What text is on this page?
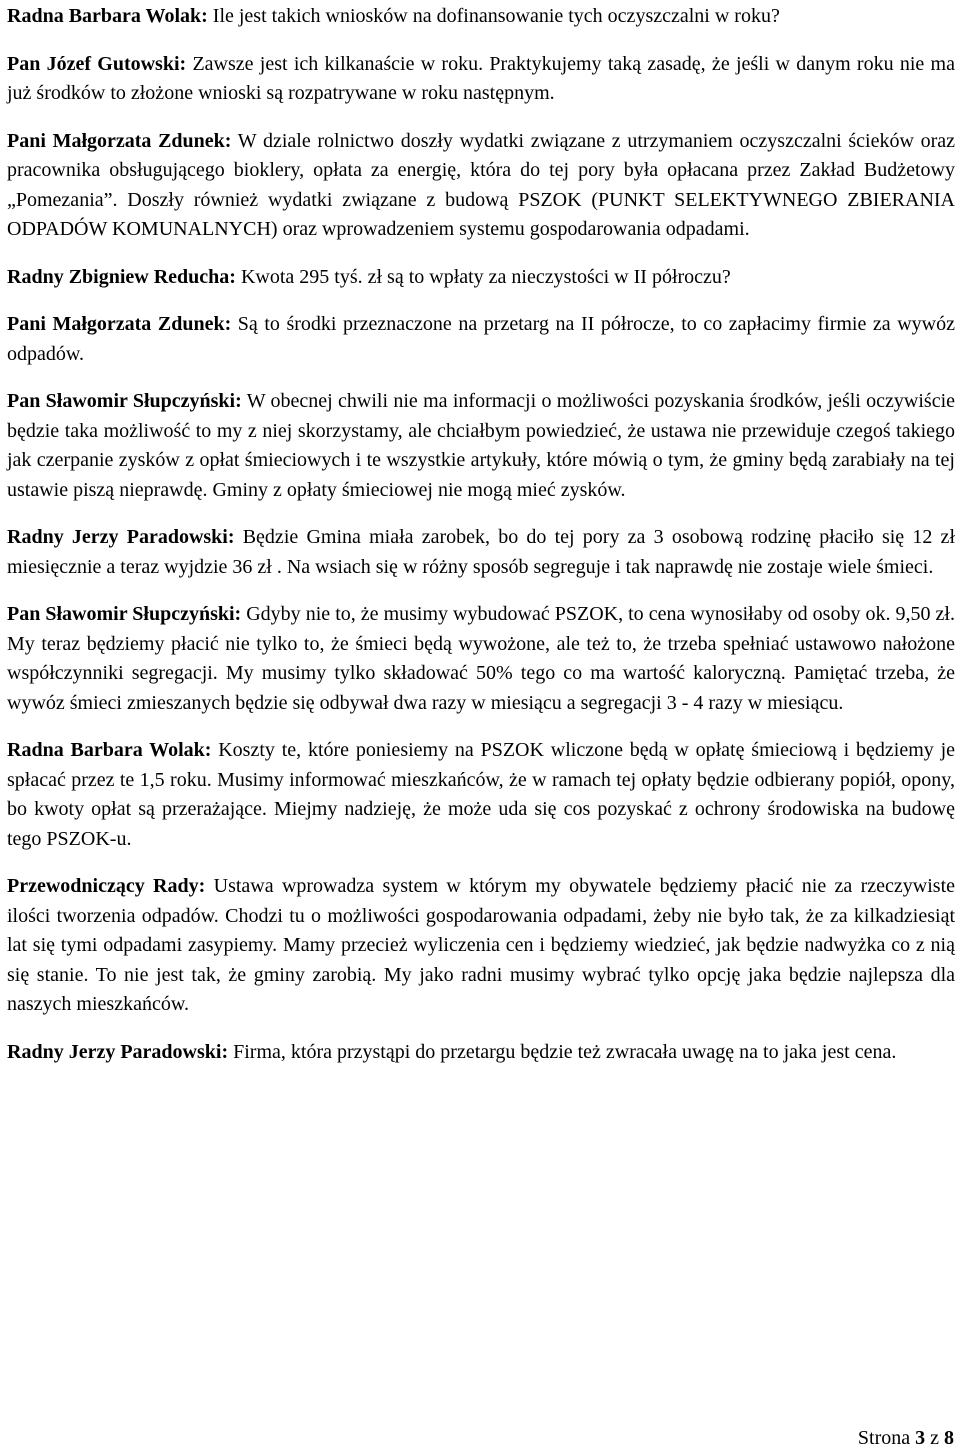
Radna Barbara Wolak: Ile jest takich wniosków na dofinansowanie tych oczyszczalni w roku?

Pan Józef Gutowski: Zawsze jest ich kilkanaście w roku. Praktykujemy taką zasadę, że jeśli w danym roku nie ma już środków to złożone wnioski są rozpatrywane w roku następnym.

Pani Małgorzata Zdunek: W dziale rolnictwo doszły wydatki związane z utrzymaniem oczyszczalni ścieków oraz pracownika obsługującego bioklery, opłata za energię, która do tej pory była opłacana przez Zakład Budżetowy „Pomezania”. Doszły również wydatki związane z budową PSZOK (PUNKT SELEKTYWNEGO ZBIERANIA ODPADÓW KOMUNALNYCH) oraz wprowadzeniem systemu gospodarowania odpadami.

Radny Zbigniew Reducha: Kwota 295 tyś. zł są to wpłaty za nieczystości w II półroczu?

Pani Małgorzata Zdunek: Są to środki przeznaczone na przetarg na II półrocze, to co zapłacimy firmie za wywóz odpadów.

Pan Sławomir Słupczyński: W obecnej chwili nie ma informacji o możliwości pozyskania środków, jeśli oczywiście będzie taka możliwość to my z niej skorzystamy, ale chciałbym powiedzieć, że ustawa nie przewiduje czegoś takiego jak czerpanie zysków z opłat śmieciowych i te wszystkie artykuły, które mówią o tym, że gminy będą zarabiały na tej ustawie piszą nieprawdę. Gminy z opłaty śmieciowej nie mogą mieć zysków.

Radny Jerzy Paradowski: Będzie Gmina miała zarobek, bo do tej pory za 3 osobową rodzinę płaciło się 12 zł miesięcznie a teraz wyjdzie 36 zł . Na wsiach się w różny sposób segreguje i tak naprawdę nie zostaje wiele śmieci.

Pan Sławomir Słupczyński: Gdyby nie to, że musimy wybudować PSZOK, to cena wynosiłaby od osoby ok. 9,50 zł. My teraz będziemy płacić nie tylko to, że śmieci będą wywożone, ale też to, że trzeba spełniać ustawowo nałożone współczynniki segregacji. My musimy tylko składować 50% tego co ma wartość kaloryczną. Pamiętać trzeba, że wywóz śmieci zmieszanych będzie się odbywał dwa razy w miesiącu a segregacji 3 - 4 razy w miesiącu.

Radna Barbara Wolak: Koszty te, które poniesiemy na PSZOK wliczone będą w opłatę śmieciową i będziemy je spłacać przez te 1,5 roku. Musimy informować mieszkańców, że w ramach tej opłaty będzie odbierany popiół, opony, bo kwoty opłat są przerażające. Miejmy nadzieję, że może uda się cos pozyskać z ochrony środowiska na budowę tego PSZOK-u.

Przewodniczący Rady: Ustawa wprowadza system w którym my obywatele będziemy płacić nie za rzeczywiste ilości tworzenia odpadów. Chodzi tu o możliwości gospodarowania odpadami, żeby nie było tak, że za kilkadziesiąt lat się tymi odpadami zasypiemy. Mamy przecież wyliczenia cen i będziemy wiedzieć, jak będzie nadwyżka co z nią się stanie. To nie jest tak, że gminy zarobią. My jako radni musimy wybrać tylko opcję jaka będzie najlepsza dla naszych mieszkańców.

Radny Jerzy Paradowski: Firma, która przystąpi do przetargu będzie też zwracała uwagę na to jaka jest cena.

Strona 3 z 8
